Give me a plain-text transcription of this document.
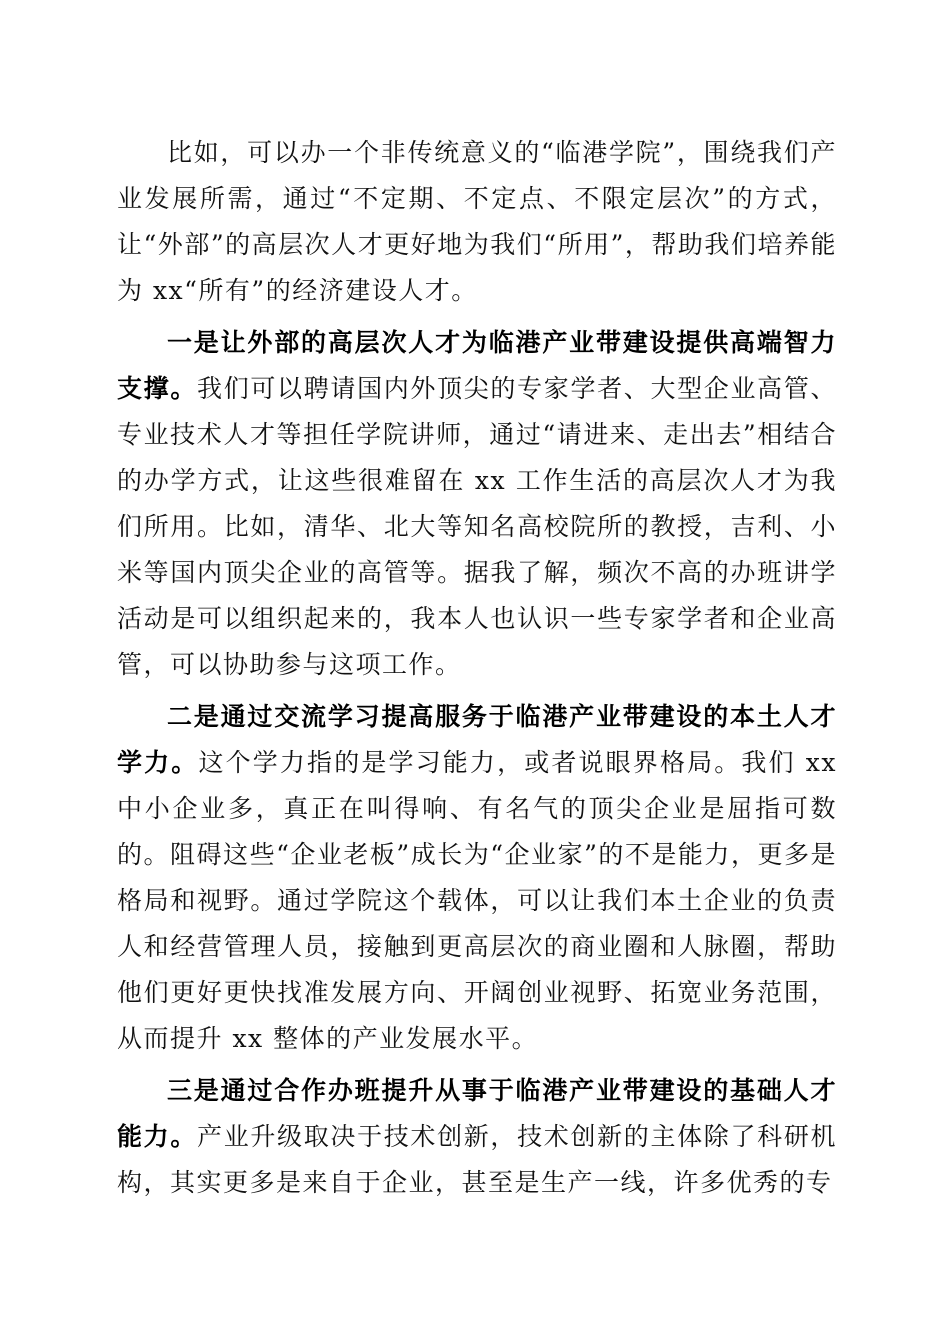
比如，可以办一个非传统意义的“临港学院”，围绕我们产业发展所需，通过“不定期、不定点、不限定层次”的方式，让“外部”的高层次人才更好地为我们“所用”，帮助我们培养能为 xx“所有”的经济建设人才。

一是让外部的高层次人才为临港产业带建设提供高端智力支撑。我们可以聘请国内外顶尖的专家学者、大型企业高管、专业技术人才等担任学院讲师，通过“请进来、走出去”相结合的办学方式，让这些很难留在 xx 工作生活的高层次人才为我们所用。比如，清华、北大等知名高校院所的教授，吉利、小米等国内顶尖企业的高管等。据我了解，频次不高的办班讲学活动是可以组织起来的，我本人也认识一些专家学者和企业高管，可以协助参与这项工作。

二是通过交流学习提高服务于临港产业带建设的本土人才学力。这个学力指的是学习能力，或者说眼界格局。我们 xx 中小企业多，真正在叫得响、有名气的顶尖企业是屈指可数的。阻碍这些“企业老板”成长为“企业家”的不是能力，更多是格局和视野。通过学院这个载体，可以让我们本土企业的负责人和经营管理人员，接触到更高层次的商业圈和人脉圈，帮助他们更好更快找准发展方向、开阔创业视野、拓宽业务范围，从而提升 xx 整体的产业发展水平。

三是通过合作办班提升从事于临港产业带建设的基础人才能力。产业升级取决于技术创新，技术创新的主体除了科研机构，其实更多是来自于企业，甚至是生产一线，许多优秀的专
